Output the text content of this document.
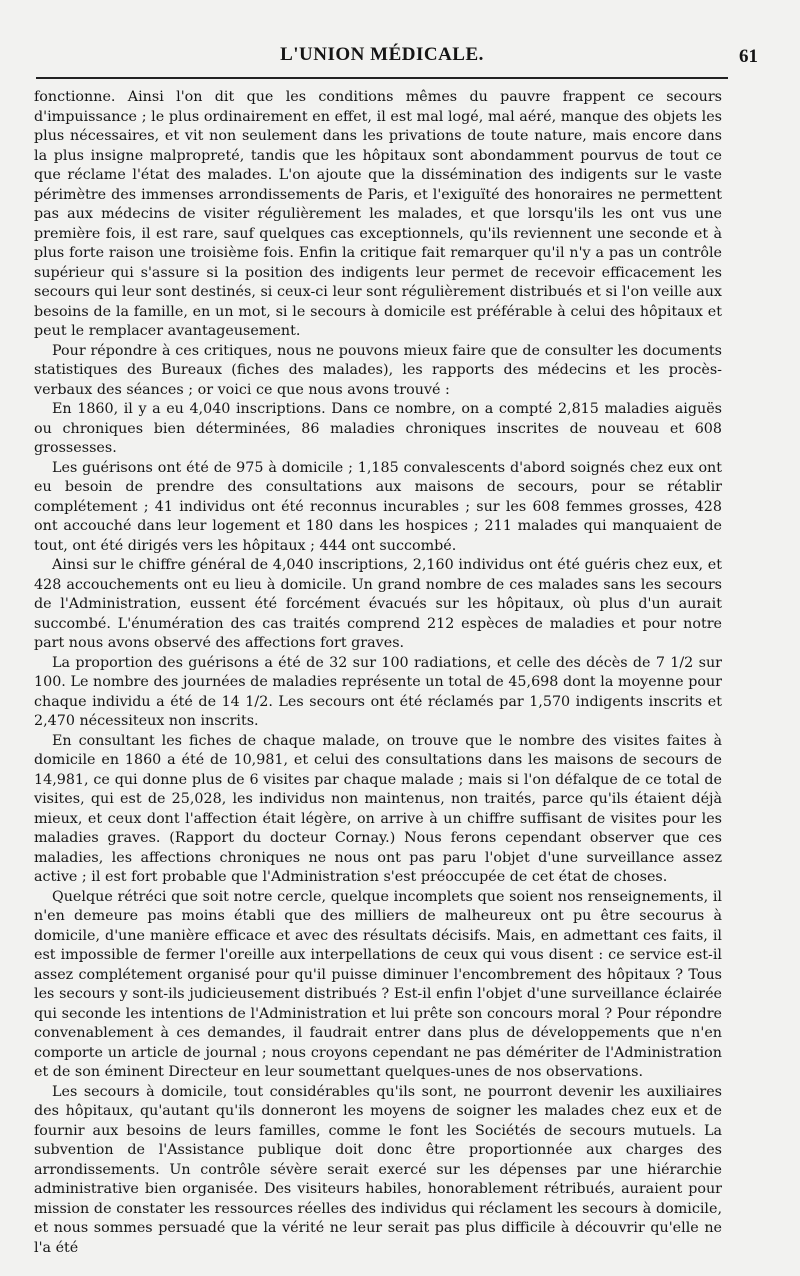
L'UNION MÉDICALE.	61

fonctionne. Ainsi l'on dit que les conditions mêmes du pauvre frappent ce secours d'impuissance ; le plus ordinairement en effet, il est mal logé, mal aéré, manque des objets les plus nécessaires, et vit non seulement dans les privations de toute nature, mais encore dans la plus insigne malpropreté, tandis que les hôpitaux sont abondamment pourvus de tout ce que réclame l'état des malades. L'on ajoute que la dissémination des indigents sur le vaste périmètre des immenses arrondissements de Paris, et l'exiguïté des honoraires ne permettent pas aux médecins de visiter régulièrement les malades, et que lorsqu'ils les ont vus une première fois, il est rare, sauf quelques cas exceptionnels, qu'ils reviennent une seconde et à plus forte raison une troisième fois. Enfin la critique fait remarquer qu'il n'y a pas un contrôle supérieur qui s'assure si la position des indigents leur permet de recevoir efficacement les secours qui leur sont destinés, si ceux-ci leur sont régulièrement distribués et si l'on veille aux besoins de la famille, en un mot, si le secours à domicile est préférable à celui des hôpitaux et peut le remplacer avantageusement.

Pour répondre à ces critiques, nous ne pouvons mieux faire que de consulter les documents statistiques des Bureaux (fiches des malades), les rapports des médecins et les procès-verbaux des séances ; or voici ce que nous avons trouvé :

En 1860, il y a eu 4,040 inscriptions. Dans ce nombre, on a compté 2,815 maladies aiguës ou chroniques bien déterminées, 86 maladies chroniques inscrites de nouveau et 608 grossesses.

Les guérisons ont été de 975 à domicile ; 1,185 convalescents d'abord soignés chez eux ont eu besoin de prendre des consultations aux maisons de secours, pour se rétablir complétement ; 41 individus ont été reconnus incurables ; sur les 608 femmes grosses, 428 ont accouché dans leur logement et 180 dans les hospices ; 211 malades qui manquaient de tout, ont été dirigés vers les hôpitaux ; 444 ont succombé.

Ainsi sur le chiffre général de 4,040 inscriptions, 2,160 individus ont été guéris chez eux, et 428 accouchements ont eu lieu à domicile. Un grand nombre de ces malades sans les secours de l'Administration, eussent été forcément évacués sur les hôpitaux, où plus d'un aurait succombé. L'énumération des cas traités comprend 212 espèces de maladies et pour notre part nous avons observé des affections fort graves.

La proportion des guérisons a été de 32 sur 100 radiations, et celle des décès de 7 1/2 sur 100. Le nombre des journées de maladies représente un total de 45,698 dont la moyenne pour chaque individu a été de 14 1/2. Les secours ont été réclamés par 1,570 indigents inscrits et 2,470 nécessiteux non inscrits.

En consultant les fiches de chaque malade, on trouve que le nombre des visites faites à domicile en 1860 a été de 10,981, et celui des consultations dans les maisons de secours de 14,981, ce qui donne plus de 6 visites par chaque malade ; mais si l'on défalque de ce total de visites, qui est de 25,028, les individus non maintenus, non traités, parce qu'ils étaient déjà mieux, et ceux dont l'affection était légère, on arrive à un chiffre suffisant de visites pour les maladies graves. (Rapport du docteur Cornay.) Nous ferons cependant observer que ces maladies, les affections chroniques ne nous ont pas paru l'objet d'une surveillance assez active ; il est fort probable que l'Administration s'est préoccupée de cet état de choses.

Quelque rétréci que soit notre cercle, quelque incomplets que soient nos renseignements, il n'en demeure pas moins établi que des milliers de malheureux ont pu être secourus à domicile, d'une manière efficace et avec des résultats décisifs. Mais, en admettant ces faits, il est impossible de fermer l'oreille aux interpellations de ceux qui vous disent : ce service est-il assez complétement organisé pour qu'il puisse diminuer l'encombrement des hôpitaux ? Tous les secours y sont-ils judicieusement distribués ? Est-il enfin l'objet d'une surveillance éclairée qui seconde les intentions de l'Administration et lui prête son concours moral ? Pour répondre convenablement à ces demandes, il faudrait entrer dans plus de développements que n'en comporte un article de journal ; nous croyons cependant ne pas démériter de l'Administration et de son éminent Directeur en leur soumettant quelques-unes de nos observations.

Les secours à domicile, tout considérables qu'ils sont, ne pourront devenir les auxiliaires des hôpitaux, qu'autant qu'ils donneront les moyens de soigner les malades chez eux et de fournir aux besoins de leurs familles, comme le font les Sociétés de secours mutuels. La subvention de l'Assistance publique doit donc être proportionnée aux charges des arrondissements. Un contrôle sévère serait exercé sur les dépenses par une hiérarchie administrative bien organisée. Des visiteurs habiles, honorablement rétribués, auraient pour mission de constater les ressources réelles des individus qui réclament les secours à domicile, et nous sommes persuadé que la vérité ne leur serait pas plus difficile à découvrir qu'elle ne l'a été
